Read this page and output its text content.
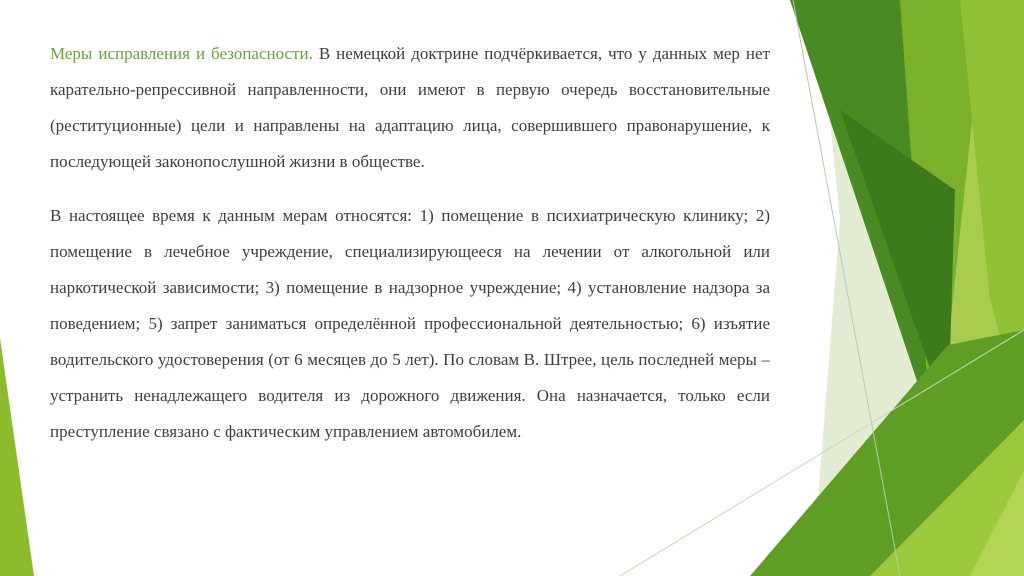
Меры исправления и безопасности. В немецкой доктрине подчёркивается, что у данных мер нет карательно-репрессивной направленности, они имеют в первую очередь восстановительные (реституционные) цели и направлены на адаптацию лица, совершившего правонарушение, к последующей законопослушной жизни в обществе.

В настоящее время к данным мерам относятся: 1) помещение в психиатрическую клинику; 2) помещение в лечебное учреждение, специализирующееся на лечении от алкогольной или наркотической зависимости; 3) помещение в надзорное учреждение; 4) установление надзора за поведением; 5) запрет заниматься определённой профессиональной деятельностью; 6) изъятие водительского удостоверения (от 6 месяцев до 5 лет). По словам В. Штрее, цель последней меры – устранить ненадлежащего водителя из дорожного движения. Она назначается, только если преступление связано с фактическим управлением автомобилем.
